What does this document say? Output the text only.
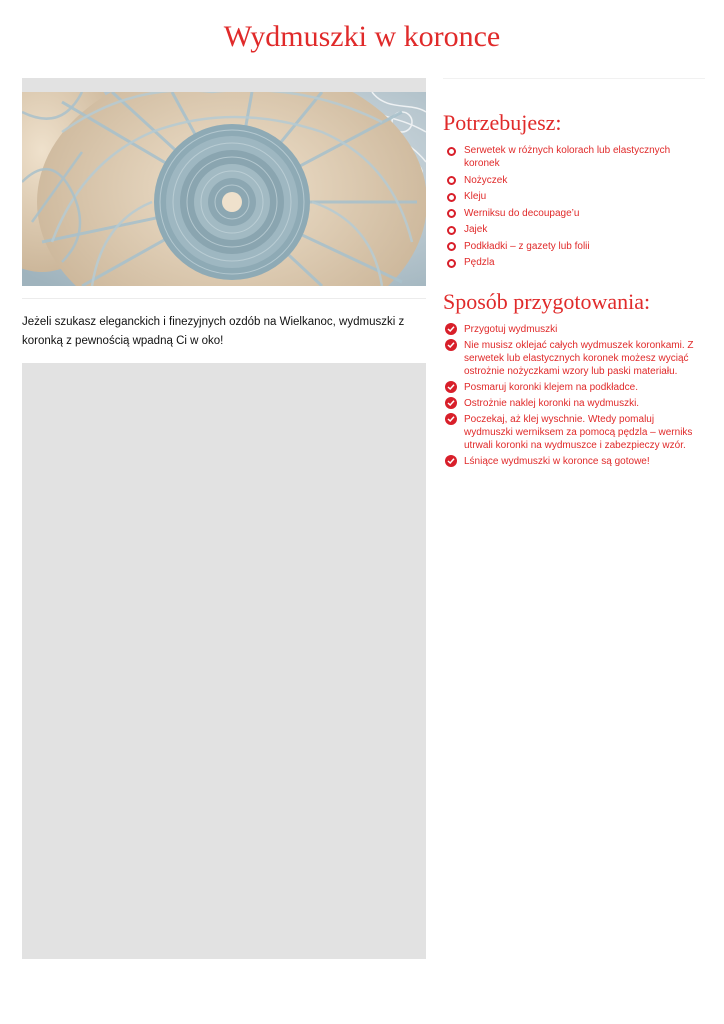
Wydmuszki w koronce
Jeżeli szukasz eleganckich i finezyjnych ozdób na Wielkanoc, wydmuszki z koronką z pewnością wpadną Ci w oko!
Potrzebujesz:
Serwetek w różnych kolorach lub elastycznych koronek
Nożyczek
Kleju
Werniksu do decoupage’u
Jajek
Podkładki – z gazety lub folii
Pędzla
Sposób przygotowania:
Przygotuj wydmuszki
Nie musisz oklejać całych wydmuszek koronkami. Z serwetek lub elastycznych koronek możesz wyciąć ostrożnie nożyczkami wzory lub paski materiału.
Posmaruj koronki klejem na podkładce.
Ostrożnie naklej koronki na wydmuszki.
Poczekaj, aż klej wyschnie. Wtedy pomaluj wydmuszki werniksem za pomocą pędzla – werniks utrwali koronki na wydmuszce i zabezpieczy wzór.
Lśniące wydmuszki w koronce są gotowe!
